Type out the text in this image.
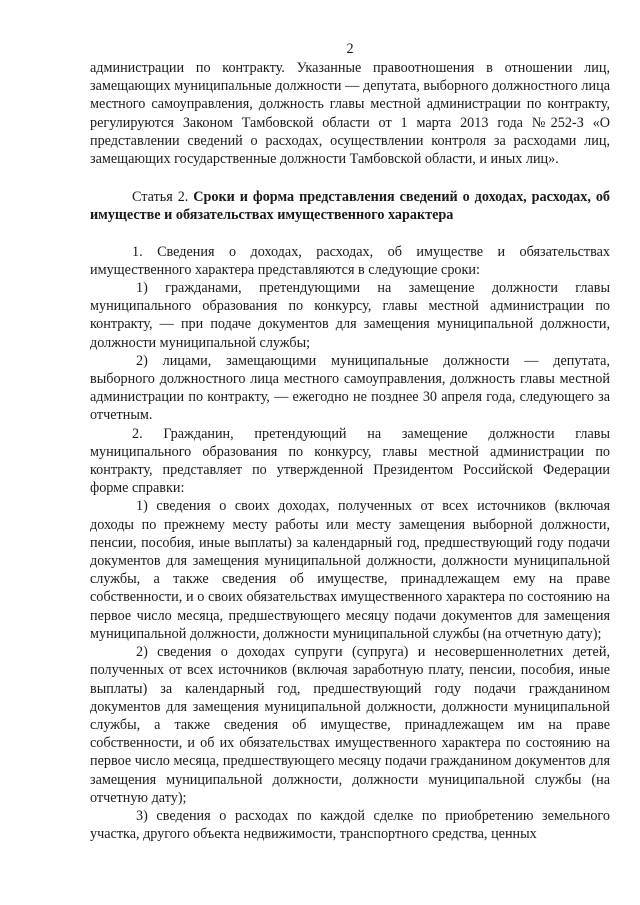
2

администрации по контракту. Указанные правоотношения в отношении лиц, замещающих муниципальные должности — депутата, выборного должностного лица местного самоуправления, должность главы местной администрации по контракту, регулируются Законом Тамбовской области от 1 марта 2013 года №252-З «О представлении сведений о расходах, осуществлении контроля за расходами лиц, замещающих государственные должности Тамбовской области, и иных лиц».

Статья 2. Сроки и форма представления сведений о доходах, расходах, об имуществе и обязательствах имущественного характера

1. Сведения о доходах, расходах, об имуществе и обязательствах имущественного характера представляются в следующие сроки:

1) гражданами, претендующими на замещение должности главы муниципального образования по конкурсу, главы местной администрации по контракту, — при подаче документов для замещения муниципальной должности, должности муниципальной службы;

2) лицами, замещающими муниципальные должности — депутата, выборного должностного лица местного самоуправления, должность главы местной администрации по контракту, — ежегодно не позднее 30 апреля года, следующего за отчетным.

2. Гражданин, претендующий на замещение должности главы муниципального образования по конкурсу, главы местной администрации по контракту, представляет по утвержденной Президентом Российской Федерации форме справки:

1) сведения о своих доходах, полученных от всех источников (включая доходы по прежнему месту работы или месту замещения выборной должности, пенсии, пособия, иные выплаты) за календарный год, предшествующий году подачи документов для замещения муниципальной должности, должности муниципальной службы, а также сведения об имуществе, принадлежащем ему на праве собственности, и о своих обязательствах имущественного характера по состоянию на первое число месяца, предшествующего месяцу подачи документов для замещения муниципальной должности, должности муниципальной службы (на отчетную дату);

2) сведения о доходах супруги (супруга) и несовершеннолетних детей, полученных от всех источников (включая заработную плату, пенсии, пособия, иные выплаты) за календарный год, предшествующий году подачи гражданином документов для замещения муниципальной должности, должности муниципальной службы, а также сведения об имуществе, принадлежащем им на праве собственности, и об их обязательствах имущественного характера по состоянию на первое число месяца, предшествующего месяцу подачи гражданином документов для замещения муниципальной должности, должности муниципальной службы (на отчетную дату);

3) сведения о расходах по каждой сделке по приобретению земельного участка, другого объекта недвижимости, транспортного средства, ценных
